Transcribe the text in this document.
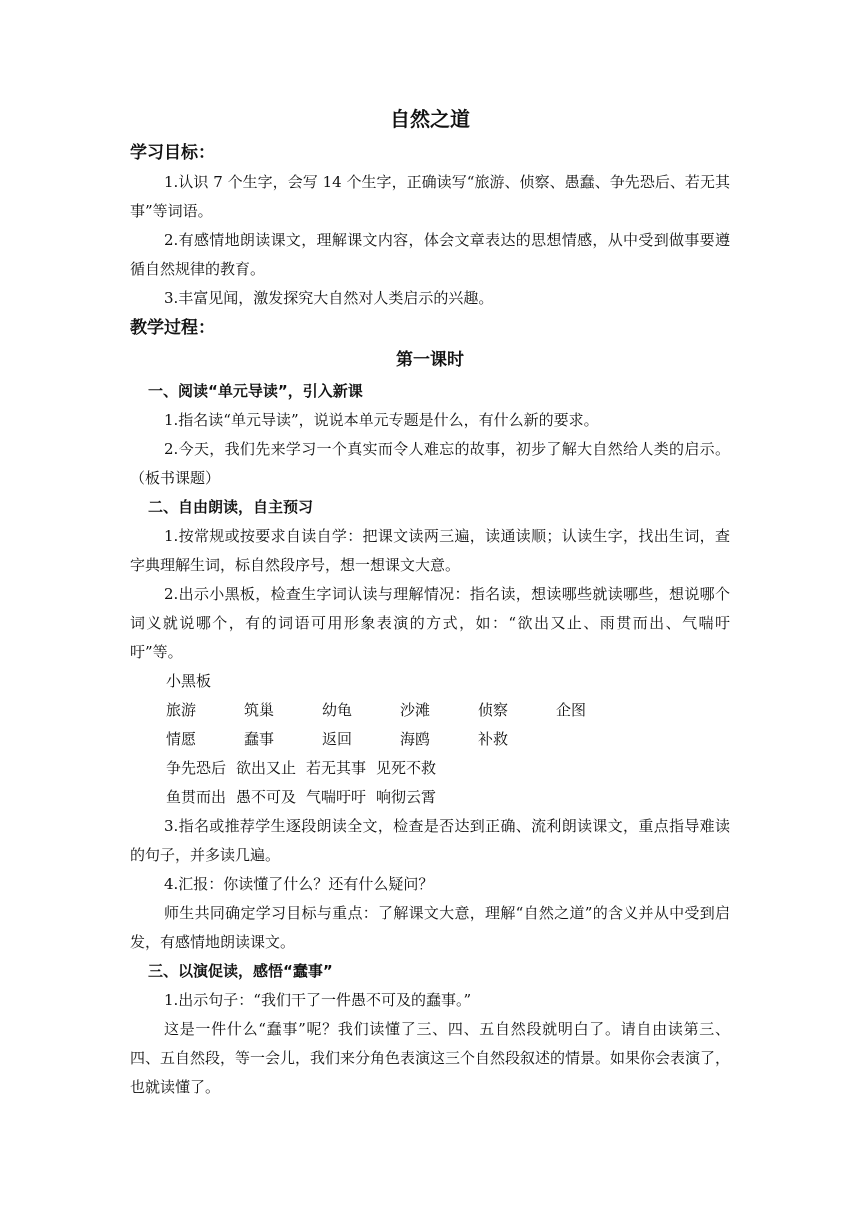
自然之道

学习目标：

1.认识 7 个生字，会写 14 个生字，正确读写“旅游、侦察、愚蠢、争先恐后、若无其事”等词语。

2.有感情地朗读课文，理解课文内容，体会文章表达的思想情感，从中受到做事要遵循自然规律的教育。

3.丰富见闻，激发探究大自然对人类启示的兴趣。

教学过程：

第一课时

一、阅读“单元导读”，引入新课

1.指名读“单元导读”，说说本单元专题是什么，有什么新的要求。

2.今天，我们先来学习一个真实而令人难忘的故事，初步了解大自然给人类的启示。（板书课题）

二、自由朗读，自主预习

1.按常规或按要求自读自学：把课文读两三遍，读通读顺；认读生字，找出生词，查字典理解生词，标自然段序号，想一想课文大意。

2.出示小黑板，检查生字词认读与理解情况：指名读，想读哪些就读哪些，想说哪个词义就说哪个，有的词语可用形象表演的方式，如：“欲出又止、雨贯而出、气喘吁吁”等。

小黑板

旅游	筑巢	幼龟	沙滩	侦察	企图
情愿	蠢事	返回	海鸥	补救
争先恐后 欲出又止 若无其事 见死不救
鱼贯而出 愚不可及 气喘吁吁 响彻云霄

3.指名或推荐学生逐段朗读全文，检查是否达到正确、流利朗读课文，重点指导难读的句子，并多读几遍。

4.汇报：你读懂了什么？还有什么疑问？

师生共同确定学习目标与重点：了解课文大意，理解“自然之道”的含义并从中受到启发，有感情地朗读课文。

三、以演促读，感悟“蠢事”

1.出示句子：“我们干了一件愚不可及的蠢事。”

这是一件什么“蠢事”呢？我们读懂了三、四、五自然段就明白了。请自由读第三、四、五自然段，等一会儿，我们来分角色表演这三个自然段叙述的情景。如果你会表演了，也就读懂了。
